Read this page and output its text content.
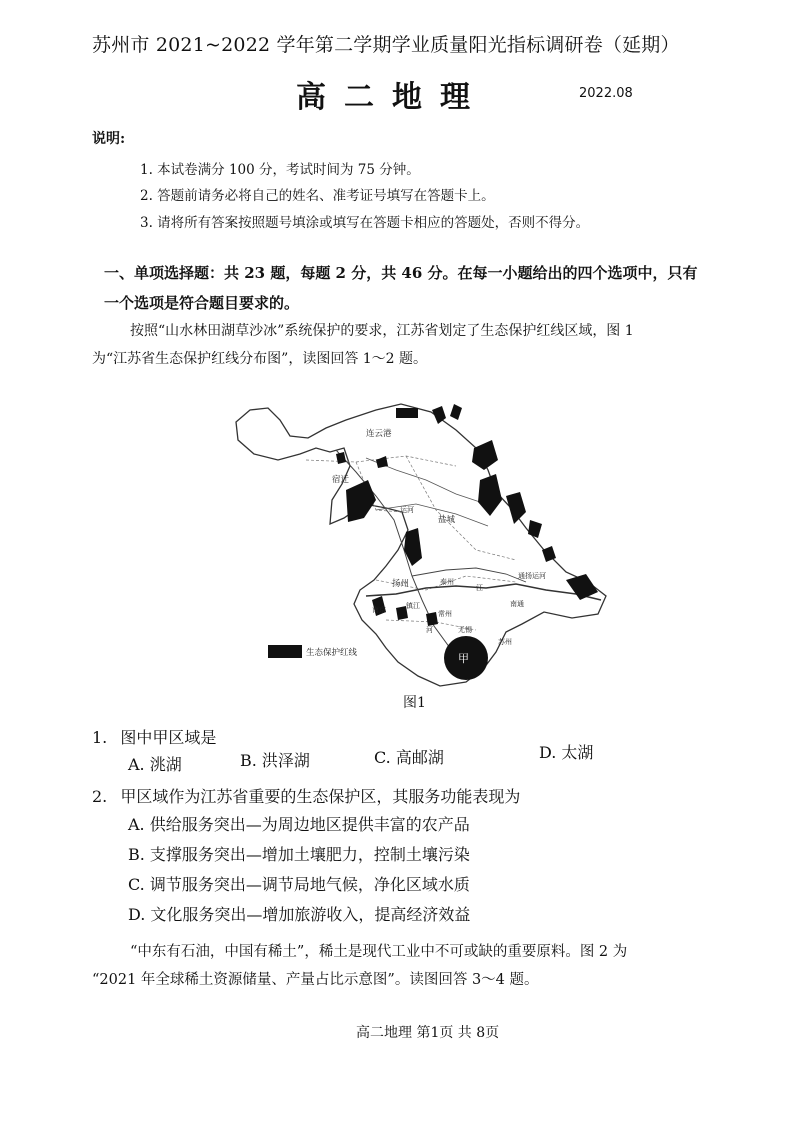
苏州市 2021~2022 学年第二学期学业质量阳光指标调研卷（延期）
高二地理	2022.08
说明:
1. 本试卷满分 100 分，考试时间为 75 分钟。
2. 答题前请务必将自己的姓名、准考证号填写在答题卡上。
3. 请将所有答案按照题号填涂或填写在答题卡相应的答题处，否则不得分。
一、单项选择题：共 23 题，每题 2 分，共 46 分。在每一小题给出的四个选项中，只有
一个选项是符合题目要求的。
按照“山水林田湖草沙冰”系统保护的要求，江苏省划定了生态保护红线区域，图 1
为“江苏省生态保护红线分布图”，读图回答 1～2 题。
连云港
宿迁
盐城
扬州	泰州
南京	镇江
常州
无锡
苏州
南通
江
运河
河
通扬运河
甲
生态保护红线
图1
1. 图中甲区域是
A. 洮湖	B. 洪泽湖	C. 高邮湖	D. 太湖
2. 甲区域作为江苏省重要的生态保护区，其服务功能表现为
A. 供给服务突出—为周边地区提供丰富的农产品
B. 支撑服务突出—增加土壤肥力，控制土壤污染
C. 调节服务突出—调节局地气候，净化区域水质
D. 文化服务突出—增加旅游收入，提高经济效益
“中东有石油，中国有稀土”，稀土是现代工业中不可或缺的重要原料。图 2 为
“2021 年全球稀土资源储量、产量占比示意图”。读图回答 3～4 题。
高二地理 第1页 共 8页
